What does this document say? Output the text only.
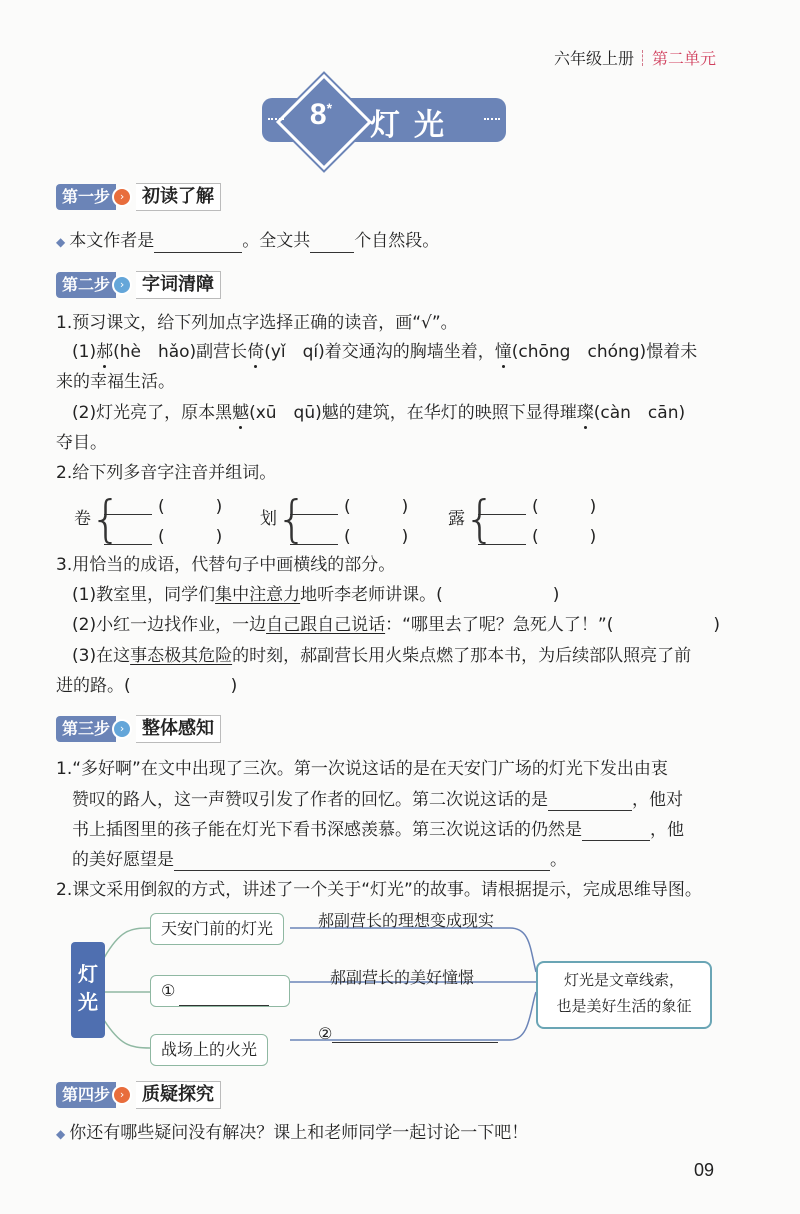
六年级上册 第二单元
8*	灯光
第一步 › 初读了解
◆ 本文作者是	。全文共	个自然段。
第二步 › 字词清障
1.预习课文，给下列加点字选择正确的读音，画“√”。
(1)郝(hè　hǎo)副营长倚(yǐ　qí)着交通沟的胸墙坐着，憧(chōng　chóng)憬着未
来的幸福生活。
(2)灯光亮了，原本黑魆(xū　qū)魆的建筑，在华灯的映照下显得璀璨(càn　cān)
夺目。
2.给下列多音字注音并组词。
卷 { (　　　)
(　　　)
划 { (　　　)
(　　　)
露 { (　　　)
(　　　)
3.用恰当的成语，代替句子中画横线的部分。
(1)教室里，同学们集中注意力地听李老师讲课。(	)
(2)小红一边找作业，一边自己跟自己说话：“哪里去了呢？急死人了！”(	)
(3)在这事态极其危险的时刻，郝副营长用火柴点燃了那本书，为后续部队照亮了前
进的路。(	)
第三步 › 整体感知
1.“多好啊”在文中出现了三次。第一次说这话的是在天安门广场的灯光下发出由衷
赞叹的路人，这一声赞叹引发了作者的回忆。第二次说这话的是	，他对
书上插图里的孩子能在灯光下看书深感羡慕。第三次说这话的仍然是	，他
的美好愿望是	。
2.课文采用倒叙的方式，讲述了一个关于“灯光”的故事。请根据提示，完成思维导图。
灯光
天安门前的灯光	郝副营长的理想变成现实
①
郝副营长的美好憧憬
战场上的火光
②
灯光是文章线索，
也是美好生活的象征
第四步 › 质疑探究
◆ 你还有哪些疑问没有解决？课上和老师同学一起讨论一下吧！
09
